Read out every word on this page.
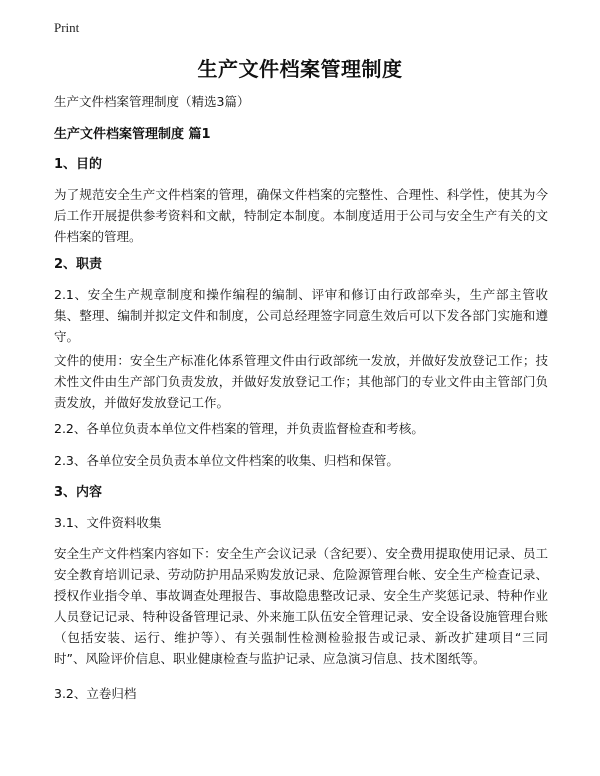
Print
生产文件档案管理制度
生产文件档案管理制度（精选3篇）
生产文件档案管理制度 篇1
1、目的
为了规范安全生产文件档案的管理，确保文件档案的完整性、合理性、科学性，使其为今后工作开展提供参考资料和文献，特制定本制度。本制度适用于公司与安全生产有关的文件档案的管理。
2、职责
2.1、安全生产规章制度和操作编程的编制、评审和修订由行政部牵头，生产部主管收集、整理、编制并拟定文件和制度，公司总经理签字同意生效后可以下发各部门实施和遵守。
文件的使用：安全生产标准化体系管理文件由行政部统一发放，并做好发放登记工作；技术性文件由生产部门负责发放，并做好发放登记工作；其他部门的专业文件由主管部门负责发放，并做好发放登记工作。
2.2、各单位负责本单位文件档案的管理，并负责监督检查和考核。
2.3、各单位安全员负责本单位文件档案的收集、归档和保管。
3、内容
3.1、文件资料收集
安全生产文件档案内容如下：安全生产会议记录（含纪要）、安全费用提取使用记录、员工安全教育培训记录、劳动防护用品采购发放记录、危险源管理台帐、安全生产检查记录、授权作业指令单、事故调查处理报告、事故隐患整改记录、安全生产奖惩记录、特种作业人员登记记录、特种设备管理记录、外来施工队伍安全管理记录、安全设备设施管理台账（包括安装、运行、维护等）、有关强制性检测检验报告或记录、新改扩建项目“三同时”、风险评价信息、职业健康检查与监护记录、应急演习信息、技术图纸等。
3.2、立卷归档
